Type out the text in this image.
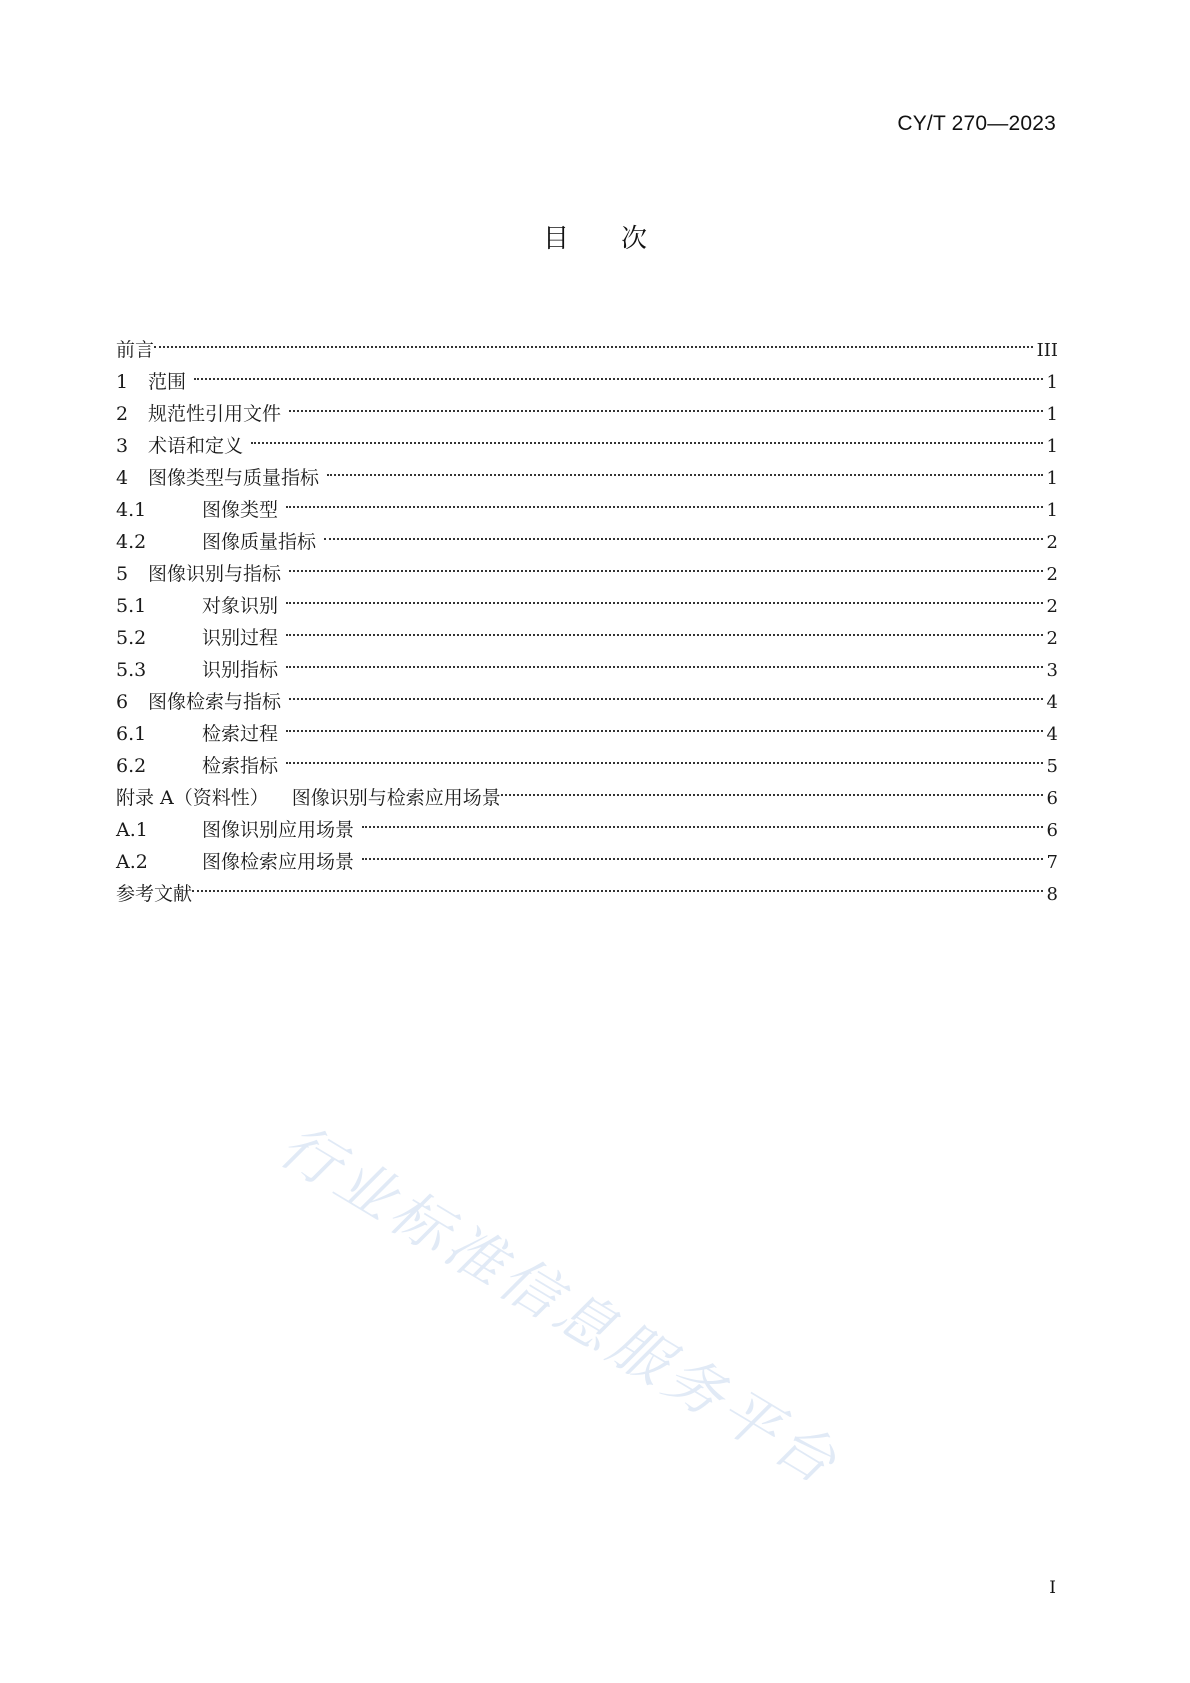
CY/T 270—2023
目　　次
前言	III
1	范围	1
2	规范性引用文件	1
3	术语和定义	1
4	图像类型与质量指标	1
4.1	图像类型	1
4.2	图像质量指标	2
5	图像识别与指标	2
5.1	对象识别	2
5.2	识别过程	2
5.3	识别指标	3
6	图像检索与指标	4
6.1	检索过程	4
6.2	检索指标	5
附录 A（资料性） 　图像识别与检索应用场景	6
A.1	图像识别应用场景	6
A.2	图像检索应用场景	7
参考文献	8
行业标准信息服务平台
I
